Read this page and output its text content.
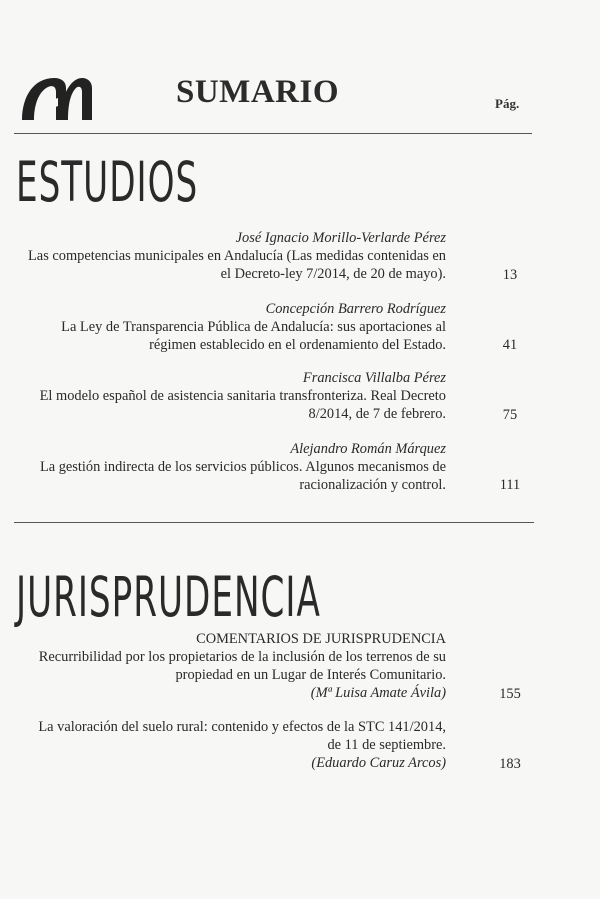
SUMARIO	Pág.
ESTUDIOS
José Ignacio Morillo-Verlarde Pérez
Las competencias municipales en Andalucía (Las medidas contenidas en
el Decreto-ley 7/2014, de 20 de mayo).	13
Concepción Barrero Rodríguez
La Ley de Transparencia Pública de Andalucía: sus aportaciones al
régimen establecido en el ordenamiento del Estado.	41
Francisca Villalba Pérez
El modelo español de asistencia sanitaria transfronteriza. Real Decreto
8/2014, de 7 de febrero.	75
Alejandro Román Márquez
La gestión indirecta de los servicios públicos. Algunos mecanismos de
racionalización y control.	111
JURISPRUDENCIA
COMENTARIOS DE JURISPRUDENCIA
Recurribilidad por los propietarios de la inclusión de los terrenos de su
propiedad en un Lugar de Interés Comunitario.
(Mª Luisa Amate Ávila)	155
La valoración del suelo rural: contenido y efectos de la STC 141/2014,
de 11 de septiembre.
(Eduardo Caruz Arcos)	183
